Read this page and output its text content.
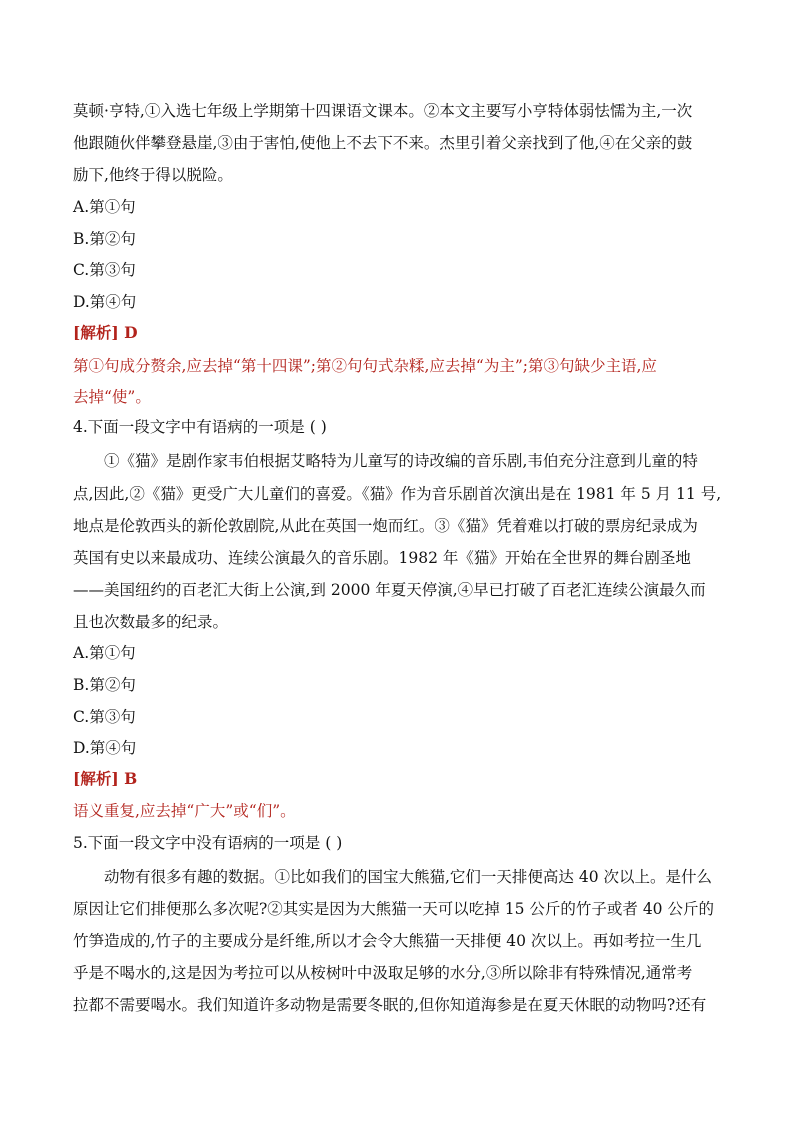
莫顿·亨特,①入选七年级上学期第十四课语文课本。②本文主要写小亨特体弱怯懦为主,一次
他跟随伙伴攀登悬崖,③由于害怕,使他上不去下不来。杰里引着父亲找到了他,④在父亲的鼓
励下,他终于得以脱险。
A.第①句
B.第②句
C.第③句
D.第④句
[解析] D
第①句成分赘余,应去掉“第十四课”;第②句句式杂糅,应去掉“为主”;第③句缺少主语,应
去掉“使”。
4.下面一段文字中有语病的一项是 ( )
①《猫》是剧作家韦伯根据艾略特为儿童写的诗改编的音乐剧,韦伯充分注意到儿童的特
点,因此,②《猫》更受广大儿童们的喜爱。《猫》作为音乐剧首次演出是在 1981 年 5 月 11 号,
地点是伦敦西头的新伦敦剧院,从此在英国一炮而红。③《猫》凭着难以打破的票房纪录成为
英国有史以来最成功、连续公演最久的音乐剧。1982 年《猫》开始在全世界的舞台剧圣地
——美国纽约的百老汇大街上公演,到 2000 年夏天停演,④早已打破了百老汇连续公演最久而
且也次数最多的纪录。
A.第①句
B.第②句
C.第③句
D.第④句
[解析] B
语义重复,应去掉“广大”或“们”。
5.下面一段文字中没有语病的一项是 ( )
动物有很多有趣的数据。①比如我们的国宝大熊猫,它们一天排便高达 40 次以上。是什么
原因让它们排便那么多次呢?②其实是因为大熊猫一天可以吃掉 15 公斤的竹子或者 40 公斤的
竹笋造成的,竹子的主要成分是纤维,所以才会令大熊猫一天排便 40 次以上。再如考拉一生几
乎是不喝水的,这是因为考拉可以从桉树叶中汲取足够的水分,③所以除非有特殊情况,通常考
拉都不需要喝水。我们知道许多动物是需要冬眠的,但你知道海参是在夏天休眠的动物吗?还有
